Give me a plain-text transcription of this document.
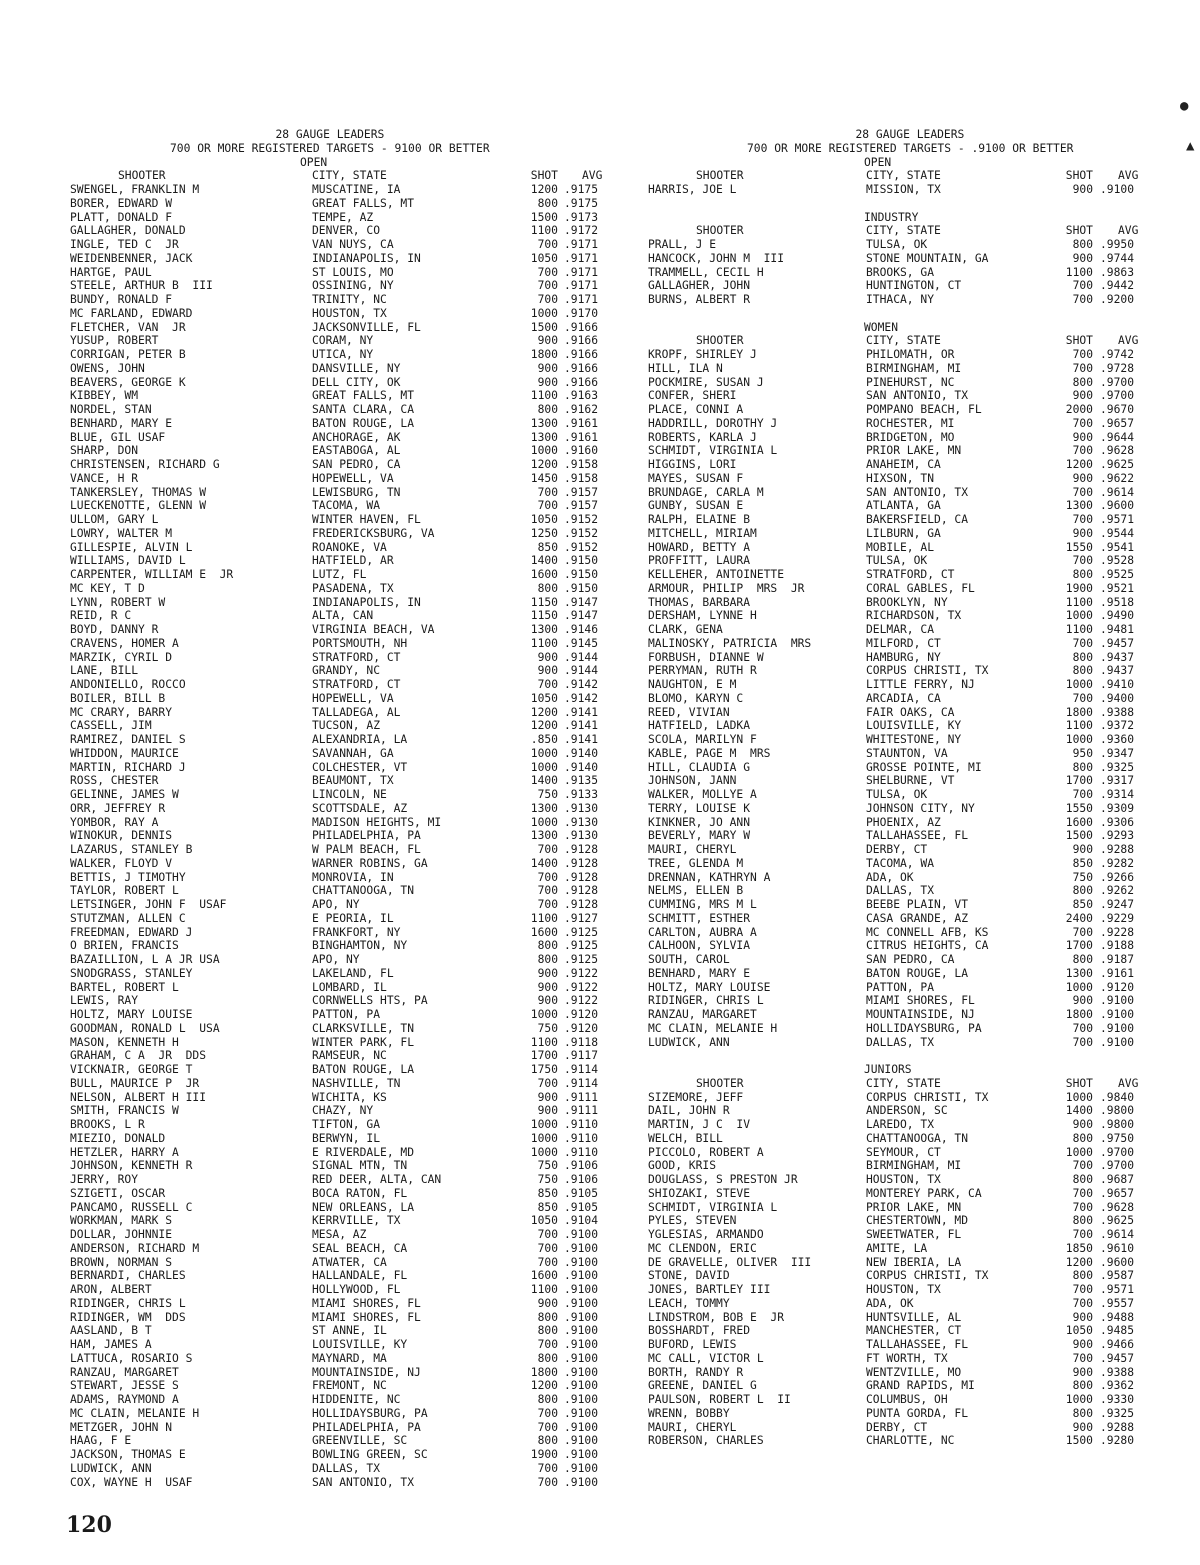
28 GAUGE LEADERS
700 OR MORE REGISTERED TARGETS - 9100 OR BETTER
OPEN
SHOOTER	CITY, STATE	SHOT AVG
SWENGEL, FRANKLIN M	MUSCATINE, IA	1200 .9175
BORER, EDWARD W	GREAT FALLS, MT	800 .9175
PLATT, DONALD F	TEMPE, AZ	1500 .9173
GALLAGHER, DONALD	DENVER, CO	1100 .9172
INGLE, TED C  JR	VAN NUYS, CA	700 .9171
WEIDENBENNER, JACK	INDIANAPOLIS, IN	1050 .9171
HARTGE, PAUL	ST LOUIS, MO	700 .9171
STEELE, ARTHUR B  III	OSSINING, NY	700 .9171
BUNDY, RONALD F	TRINITY, NC	700 .9171
MC FARLAND, EDWARD	HOUSTON, TX	1000 .9170
FLETCHER, VAN  JR	JACKSONVILLE, FL	1500 .9166
YUSUP, ROBERT	CORAM, NY	900 .9166
CORRIGAN, PETER B	UTICA, NY	1800 .9166
OWENS, JOHN	DANSVILLE, NY	900 .9166
BEAVERS, GEORGE K	DELL CITY, OK	900 .9166
KIBBEY, WM	GREAT FALLS, MT	1100 .9163
NORDEL, STAN	SANTA CLARA, CA	800 .9162
BENHARD, MARY E	BATON ROUGE, LA	1300 .9161
BLUE, GIL USAF	ANCHORAGE, AK	1300 .9161
SHARP, DON	EASTABOGA, AL	1000 .9160
CHRISTENSEN, RICHARD G	SAN PEDRO, CA	1200 .9158
VANCE, H R	HOPEWELL, VA	1450 .9158
TANKERSLEY, THOMAS W	LEWISBURG, TN	700 .9157
LUECKENOTTE, GLENN W	TACOMA, WA	700 .9157
ULLOM, GARY L	WINTER HAVEN, FL	1050 .9152
LOWRY, WALTER M	FREDERICKSBURG, VA	1250 .9152
GILLESPIE, ALVIN L	ROANOKE, VA	850 .9152
WILLIAMS, DAVID L	HATFIELD, AR	1400 .9150
CARPENTER, WILLIAM E  JR	LUTZ, FL	1600 .9150
MC KEY, T D	PASADENA, TX	800 .9150
LYNN, ROBERT W	INDIANAPOLIS, IN	1150 .9147
REID, R C	ALTA, CAN	1150 .9147
BOYD, DANNY R	VIRGINIA BEACH, VA	1300 .9146
CRAVENS, HOMER A	PORTSMOUTH, NH	1100 .9145
MARZIK, CYRIL D	STRATFORD, CT	900 .9144
LANE, BILL	GRANDY, NC	900 .9144
ANDONIELLO, ROCCO	STRATFORD, CT	700 .9142
BOILER, BILL B	HOPEWELL, VA	1050 .9142
MC CRARY, BARRY	TALLADEGA, AL	1200 .9141
CASSELL, JIM	TUCSON, AZ	1200 .9141
RAMIREZ, DANIEL S	ALEXANDRIA, LA	.850 .9141
WHIDDON, MAURICE	SAVANNAH, GA	1000 .9140
MARTIN, RICHARD J	COLCHESTER, VT	1000 .9140
ROSS, CHESTER	BEAUMONT, TX	1400 .9135
GELINNE, JAMES W	LINCOLN, NE	750 .9133
ORR, JEFFREY R	SCOTTSDALE, AZ	1300 .9130
YOMBOR, RAY A	MADISON HEIGHTS, MI	1000 .9130
WINOKUR, DENNIS	PHILADELPHIA, PA	1300 .9130
LAZARUS, STANLEY B	W PALM BEACH, FL	700 .9128
WALKER, FLOYD V	WARNER ROBINS, GA	1400 .9128
BETTIS, J TIMOTHY	MONROVIA, IN	700 .9128
TAYLOR, ROBERT L	CHATTANOOGA, TN	700 .9128
LETSINGER, JOHN F  USAF	APO, NY	700 .9128
STUTZMAN, ALLEN C	E PEORIA, IL	1100 .9127
FREEDMAN, EDWARD J	FRANKFORT, NY	1600 .9125
O BRIEN, FRANCIS	BINGHAMTON, NY	800 .9125
BAZAILLION, L A JR USA	APO, NY	800 .9125
SNODGRASS, STANLEY	LAKELAND, FL	900 .9122
BARTEL, ROBERT L	LOMBARD, IL	900 .9122
LEWIS, RAY	CORNWELLS HTS, PA	900 .9122
HOLTZ, MARY LOUISE	PATTON, PA	1000 .9120
GOODMAN, RONALD L  USA	CLARKSVILLE, TN	750 .9120
MASON, KENNETH H	WINTER PARK, FL	1100 .9118
GRAHAM, C A  JR  DDS	RAMSEUR, NC	1700 .9117
VICKNAIR, GEORGE T	BATON ROUGE, LA	1750 .9114
BULL, MAURICE P  JR	NASHVILLE, TN	700 .9114
NELSON, ALBERT H III	WICHITA, KS	900 .9111
SMITH, FRANCIS W	CHAZY, NY	900 .9111
BROOKS, L R	TIFTON, GA	1000 .9110
MIEZIO, DONALD	BERWYN, IL	1000 .9110
HETZLER, HARRY A	E RIVERDALE, MD	1000 .9110
JOHNSON, KENNETH R	SIGNAL MTN, TN	750 .9106
JERRY, ROY	RED DEER, ALTA, CAN	750 .9106
SZIGETI, OSCAR	BOCA RATON, FL	850 .9105
PANCAMO, RUSSELL C	NEW ORLEANS, LA	850 .9105
WORKMAN, MARK S	KERRVILLE, TX	1050 .9104
DOLLAR, JOHNNIE	MESA, AZ	700 .9100
ANDERSON, RICHARD M	SEAL BEACH, CA	700 .9100
BROWN, NORMAN S	ATWATER, CA	700 .9100
BERNARDI, CHARLES	HALLANDALE, FL	1600 .9100
ARON, ALBERT	HOLLYWOOD, FL	1100 .9100
RIDINGER, CHRIS L	MIAMI SHORES, FL	900 .9100
RIDINGER, WM  DDS	MIAMI SHORES, FL	800 .9100
AASLAND, B T	ST ANNE, IL	800 .9100
HAM, JAMES A	LOUISVILLE, KY	700 .9100
LATTUCA, ROSARIO S	MAYNARD, MA	800 .9100
RANZAU, MARGARET	MOUNTAINSIDE, NJ	1800 .9100
STEWART, JESSE S	FREMONT, NC	1200 .9100
ADAMS, RAYMOND A	HIDDENITE, NC	800 .9100
MC CLAIN, MELANIE H	HOLLIDAYSBURG, PA	700 .9100
METZGER, JOHN N	PHILADELPHIA, PA	700 .9100
HAAG, F E	GREENVILLE, SC	800 .9100
JACKSON, THOMAS E	BOWLING GREEN, SC	1900 .9100
LUDWICK, ANN	DALLAS, TX	700 .9100
COX, WAYNE H  USAF	SAN ANTONIO, TX	700 .9100
28 GAUGE LEADERS
700 OR MORE REGISTERED TARGETS - .9100 OR BETTER
OPEN
SHOOTER	CITY, STATE	SHOT AVG
HARRIS, JOE L	MISSION, TX	900 .9100
INDUSTRY
SHOOTER	CITY, STATE	SHOT AVG
PRALL, J E	TULSA, OK	800 .9950
HANCOCK, JOHN M  III	STONE MOUNTAIN, GA	900 .9744
TRAMMELL, CECIL H	BROOKS, GA	1100 .9863
GALLAGHER, JOHN	HUNTINGTON, CT	700 .9442
BURNS, ALBERT R	ITHACA, NY	700 .9200
WOMEN
SHOOTER	CITY, STATE	SHOT AVG
KROPF, SHIRLEY J	PHILOMATH, OR	700 .9742
HILL, ILA N	BIRMINGHAM, MI	700 .9728
POCKMIRE, SUSAN J	PINEHURST, NC	800 .9700
CONFER, SHERI	SAN ANTONIO, TX	900 .9700
PLACE, CONNI A	POMPANO BEACH, FL	2000 .9670
HADDRILL, DOROTHY J	ROCHESTER, MI	700 .9657
ROBERTS, KARLA J	BRIDGETON, MO	900 .9644
SCHMIDT, VIRGINIA L	PRIOR LAKE, MN	700 .9628
HIGGINS, LORI	ANAHEIM, CA	1200 .9625
MAYES, SUSAN F	HIXSON, TN	900 .9622
BRUNDAGE, CARLA M	SAN ANTONIO, TX	700 .9614
GUNBY, SUSAN E	ATLANTA, GA	1300 .9600
RALPH, ELAINE B	BAKERSFIELD, CA	700 .9571
MITCHELL, MIRIAM	LILBURN, GA	900 .9544
HOWARD, BETTY A	MOBILE, AL	1550 .9541
PROFFITT, LAURA	TULSA, OK	700 .9528
KELLEHER, ANTOINETTE	STRATFORD, CT	800 .9525
ARMOUR, PHILIP  MRS  JR	CORAL GABLES, FL	1900 .9521
THOMAS, BARBARA	BROOKLYN, NY	1100 .9518
DERSHAM, LYNNE H	RICHARDSON, TX	1000 .9490
CLARK, GENA	DELMAR, CA	1100 .9481
MALINOSKY, PATRICIA  MRS	MILFORD, CT	700 .9457
FORBUSH, DIANNE W	HAMBURG, NY	800 .9437
PERRYMAN, RUTH R	CORPUS CHRISTI, TX	800 .9437
NAUGHTON, E M	LITTLE FERRY, NJ	1000 .9410
BLOMO, KARYN C	ARCADIA, CA	700 .9400
REED, VIVIAN	FAIR OAKS, CA	1800 .9388
HATFIELD, LADKA	LOUISVILLE, KY	1100 .9372
SCOLA, MARILYN F	WHITESTONE, NY	1000 .9360
KABLE, PAGE M  MRS	STAUNTON, VA	950 .9347
HILL, CLAUDIA G	GROSSE POINTE, MI	800 .9325
JOHNSON, JANN	SHELBURNE, VT	1700 .9317
WALKER, MOLLYE A	TULSA, OK	700 .9314
TERRY, LOUISE K	JOHNSON CITY, NY	1550 .9309
KINKNER, JO ANN	PHOENIX, AZ	1600 .9306
BEVERLY, MARY W	TALLAHASSEE, FL	1500 .9293
MAURI, CHERYL	DERBY, CT	900 .9288
TREE, GLENDA M	TACOMA, WA	850 .9282
DRENNAN, KATHRYN A	ADA, OK	750 .9266
NELMS, ELLEN B	DALLAS, TX	800 .9262
CUMMING, MRS M L	BEEBE PLAIN, VT	850 .9247
SCHMITT, ESTHER	CASA GRANDE, AZ	2400 .9229
CARLTON, AUBRA A	MC CONNELL AFB, KS	700 .9228
CALHOON, SYLVIA	CITRUS HEIGHTS, CA	1700 .9188
SOUTH, CAROL	SAN PEDRO, CA	800 .9187
BENHARD, MARY E	BATON ROUGE, LA	1300 .9161
HOLTZ, MARY LOUISE	PATTON, PA	1000 .9120
RIDINGER, CHRIS L	MIAMI SHORES, FL	900 .9100
RANZAU, MARGARET	MOUNTAINSIDE, NJ	1800 .9100
MC CLAIN, MELANIE H	HOLLIDAYSBURG, PA	700 .9100
LUDWICK, ANN	DALLAS, TX	700 .9100
JUNIORS
SHOOTER	CITY, STATE	SHOT AVG
SIZEMORE, JEFF	CORPUS CHRISTI, TX	1000 .9840
DAIL, JOHN R	ANDERSON, SC	1400 .9800
MARTIN, J C  IV	LAREDO, TX	900 .9800
WELCH, BILL	CHATTANOOGA, TN	800 .9750
PICCOLO, ROBERT A	SEYMOUR, CT	1000 .9700
GOOD, KRIS	BIRMINGHAM, MI	700 .9700
DOUGLASS, S PRESTON JR	HOUSTON, TX	800 .9687
SHIOZAKI, STEVE	MONTEREY PARK, CA	700 .9657
SCHMIDT, VIRGINIA L	PRIOR LAKE, MN	700 .9628
PYLES, STEVEN	CHESTERTOWN, MD	800 .9625
YGLESIAS, ARMANDO	SWEETWATER, FL	700 .9614
MC CLENDON, ERIC	AMITE, LA	1850 .9610
DE GRAVELLE, OLIVER  III	NEW IBERIA, LA	1200 .9600
STONE, DAVID	CORPUS CHRISTI, TX	800 .9587
JONES, BARTLEY III	HOUSTON, TX	700 .9571
LEACH, TOMMY	ADA, OK	700 .9557
LINDSTROM, BOB E  JR	HUNTSVILLE, AL	900 .9488
BOSSHARDT, FRED	MANCHESTER, CT	1050 .9485
BUFORD, LEWIS	TALLAHASSEE, FL	900 .9466
MC CALL, VICTOR L	FT WORTH, TX	700 .9457
BORTH, RANDY R	WENTZVILLE, MO	900 .9388
GREENE, DANIEL G	GRAND RAPIDS, MI	800 .9362
PAULSON, ROBERT L  II	COLUMBUS, OH	1000 .9330
WRENN, BOBBY	PUNTA GORDA, FL	800 .9325
MAURI, CHERYL	DERBY, CT	900 .9288
ROBERSON, CHARLES	CHARLOTTE, NC	1500 .9280
120
●
▲
